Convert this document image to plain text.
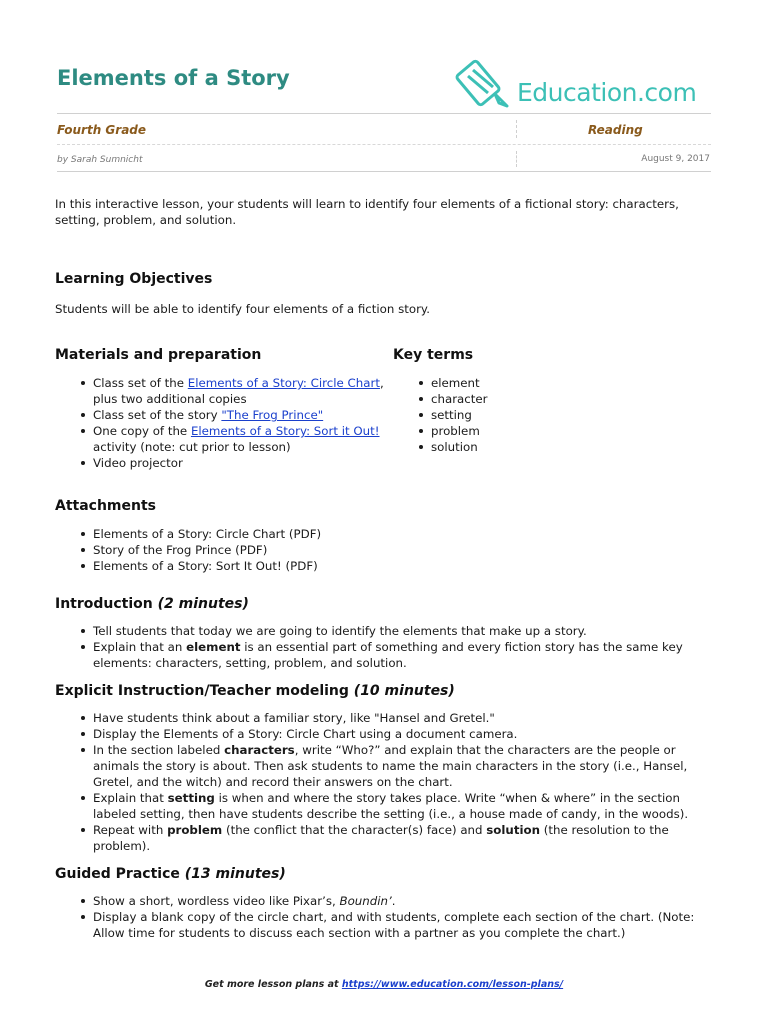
Elements of a Story	Education.com
Fourth Grade	Reading
by Sarah Sumnicht	August 9, 2017

In this interactive lesson, your students will learn to identify four elements of a fictional story: characters, setting, problem, and solution.

Learning Objectives

Students will be able to identify four elements of a fiction story.

Materials and preparation
Class set of the Elements of a Story: Circle Chart, plus two additional copies
Class set of the story "The Frog Prince"
One copy of the Elements of a Story: Sort it Out! activity (note: cut prior to lesson)
Video projector
Key terms
element
character
setting
problem
solution
Attachments
Elements of a Story: Circle Chart (PDF)
Story of the Frog Prince (PDF)
Elements of a Story: Sort It Out! (PDF)
Introduction (2 minutes)
Tell students that today we are going to identify the elements that make up a story.
Explain that an element is an essential part of something and every fiction story has the same key elements: characters, setting, problem, and solution.
Explicit Instruction/Teacher modeling (10 minutes)
Have students think about a familiar story, like "Hansel and Gretel."
Display the Elements of a Story: Circle Chart using a document camera.
In the section labeled characters, write “Who?” and explain that the characters are the people or animals the story is about. Then ask students to name the main characters in the story (i.e., Hansel, Gretel, and the witch) and record their answers on the chart.
Explain that setting is when and where the story takes place. Write “when & where” in the section labeled setting, then have students describe the setting (i.e., a house made of candy, in the woods).
Repeat with problem (the conflict that the character(s) face) and solution (the resolution to the problem).
Guided Practice (13 minutes)
Show a short, wordless video like Pixar’s, Boundin’.
Display a blank copy of the circle chart, and with students, complete each section of the chart. (Note: Allow time for students to discuss each section with a partner as you complete the chart.)
Get more lesson plans at https://www.education.com/lesson-plans/
